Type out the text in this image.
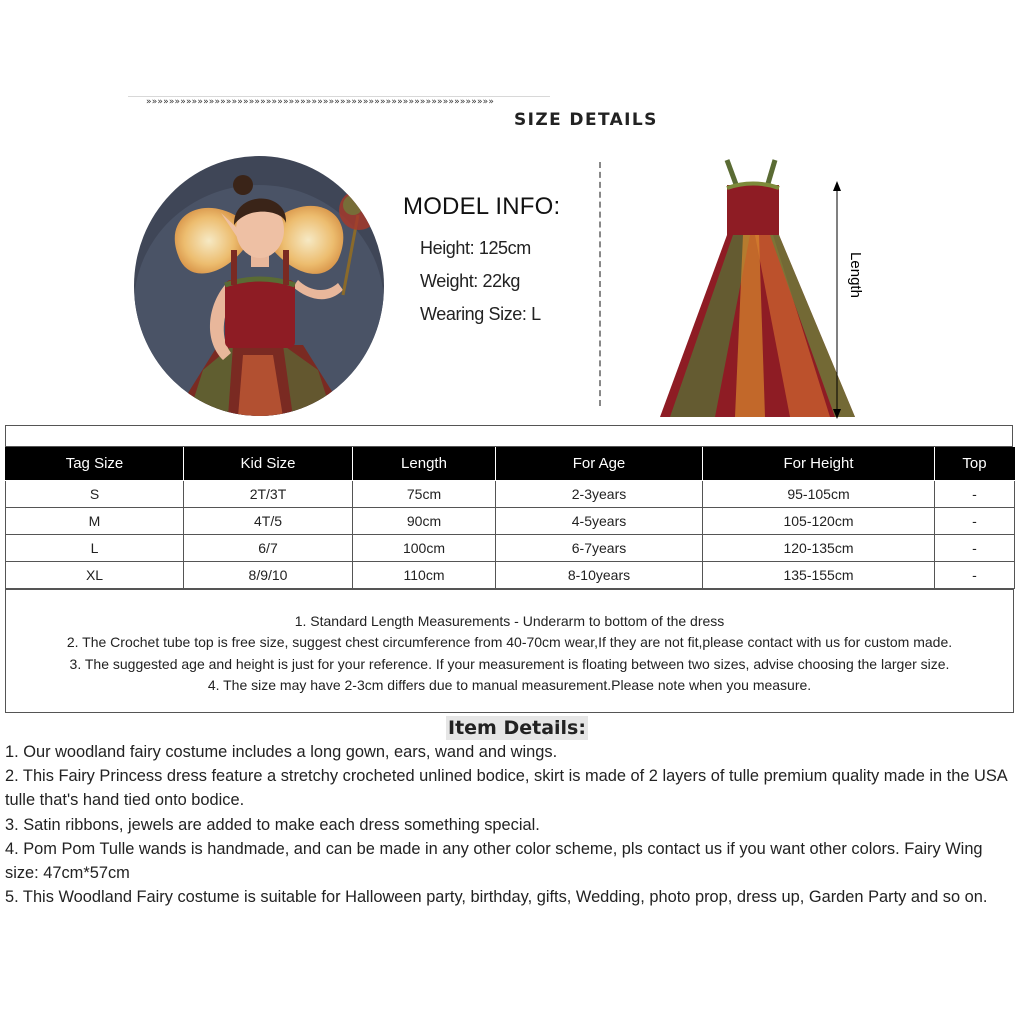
»»»»»»»»»»»»»»»»»»»»»»»»»»»»»»»»»»»»»»»»»»»»»»»»»»»»»»»»»»»»»
SIZE DETAILS
MODEL INFO:
Height: 125cm
Weight: 22kg
Wearing Size: L
Length
Tag Size	Kid Size	Length	For Age	For Height	Top
S	2T/3T	75cm	2-3years	95-105cm	-
M	4T/5	90cm	4-5years	105-120cm	-
L	6/7	100cm	6-7years	120-135cm	-
XL	8/9/10	110cm	8-10years	135-155cm	-
1. Standard Length Measurements - Underarm to bottom of the dress
2. The Crochet tube top is free size, suggest chest circumference from 40-70cm wear,If they are not fit,please contact with us for custom made.
3. The suggested age and height is just for your reference. If your measurement is floating between two sizes, advise choosing the larger size.
4. The size may have 2-3cm differs due to manual measurement.Please note when you measure.
Item Details:

1. Our woodland fairy costume includes a long gown, ears, wand and wings.

2. This Fairy Princess dress feature a stretchy crocheted unlined bodice, skirt is made of 2 layers of tulle premium quality made in the USA tulle that's hand tied onto bodice.

3. Satin ribbons, jewels are added to make each dress something special.

4. Pom Pom Tulle wands is handmade, and can be made in any other color scheme, pls contact us if you want other colors. Fairy Wing size: 47cm*57cm

5. This Woodland Fairy costume is suitable for Halloween party, birthday, gifts, Wedding, photo prop, dress up, Garden Party and so on.
